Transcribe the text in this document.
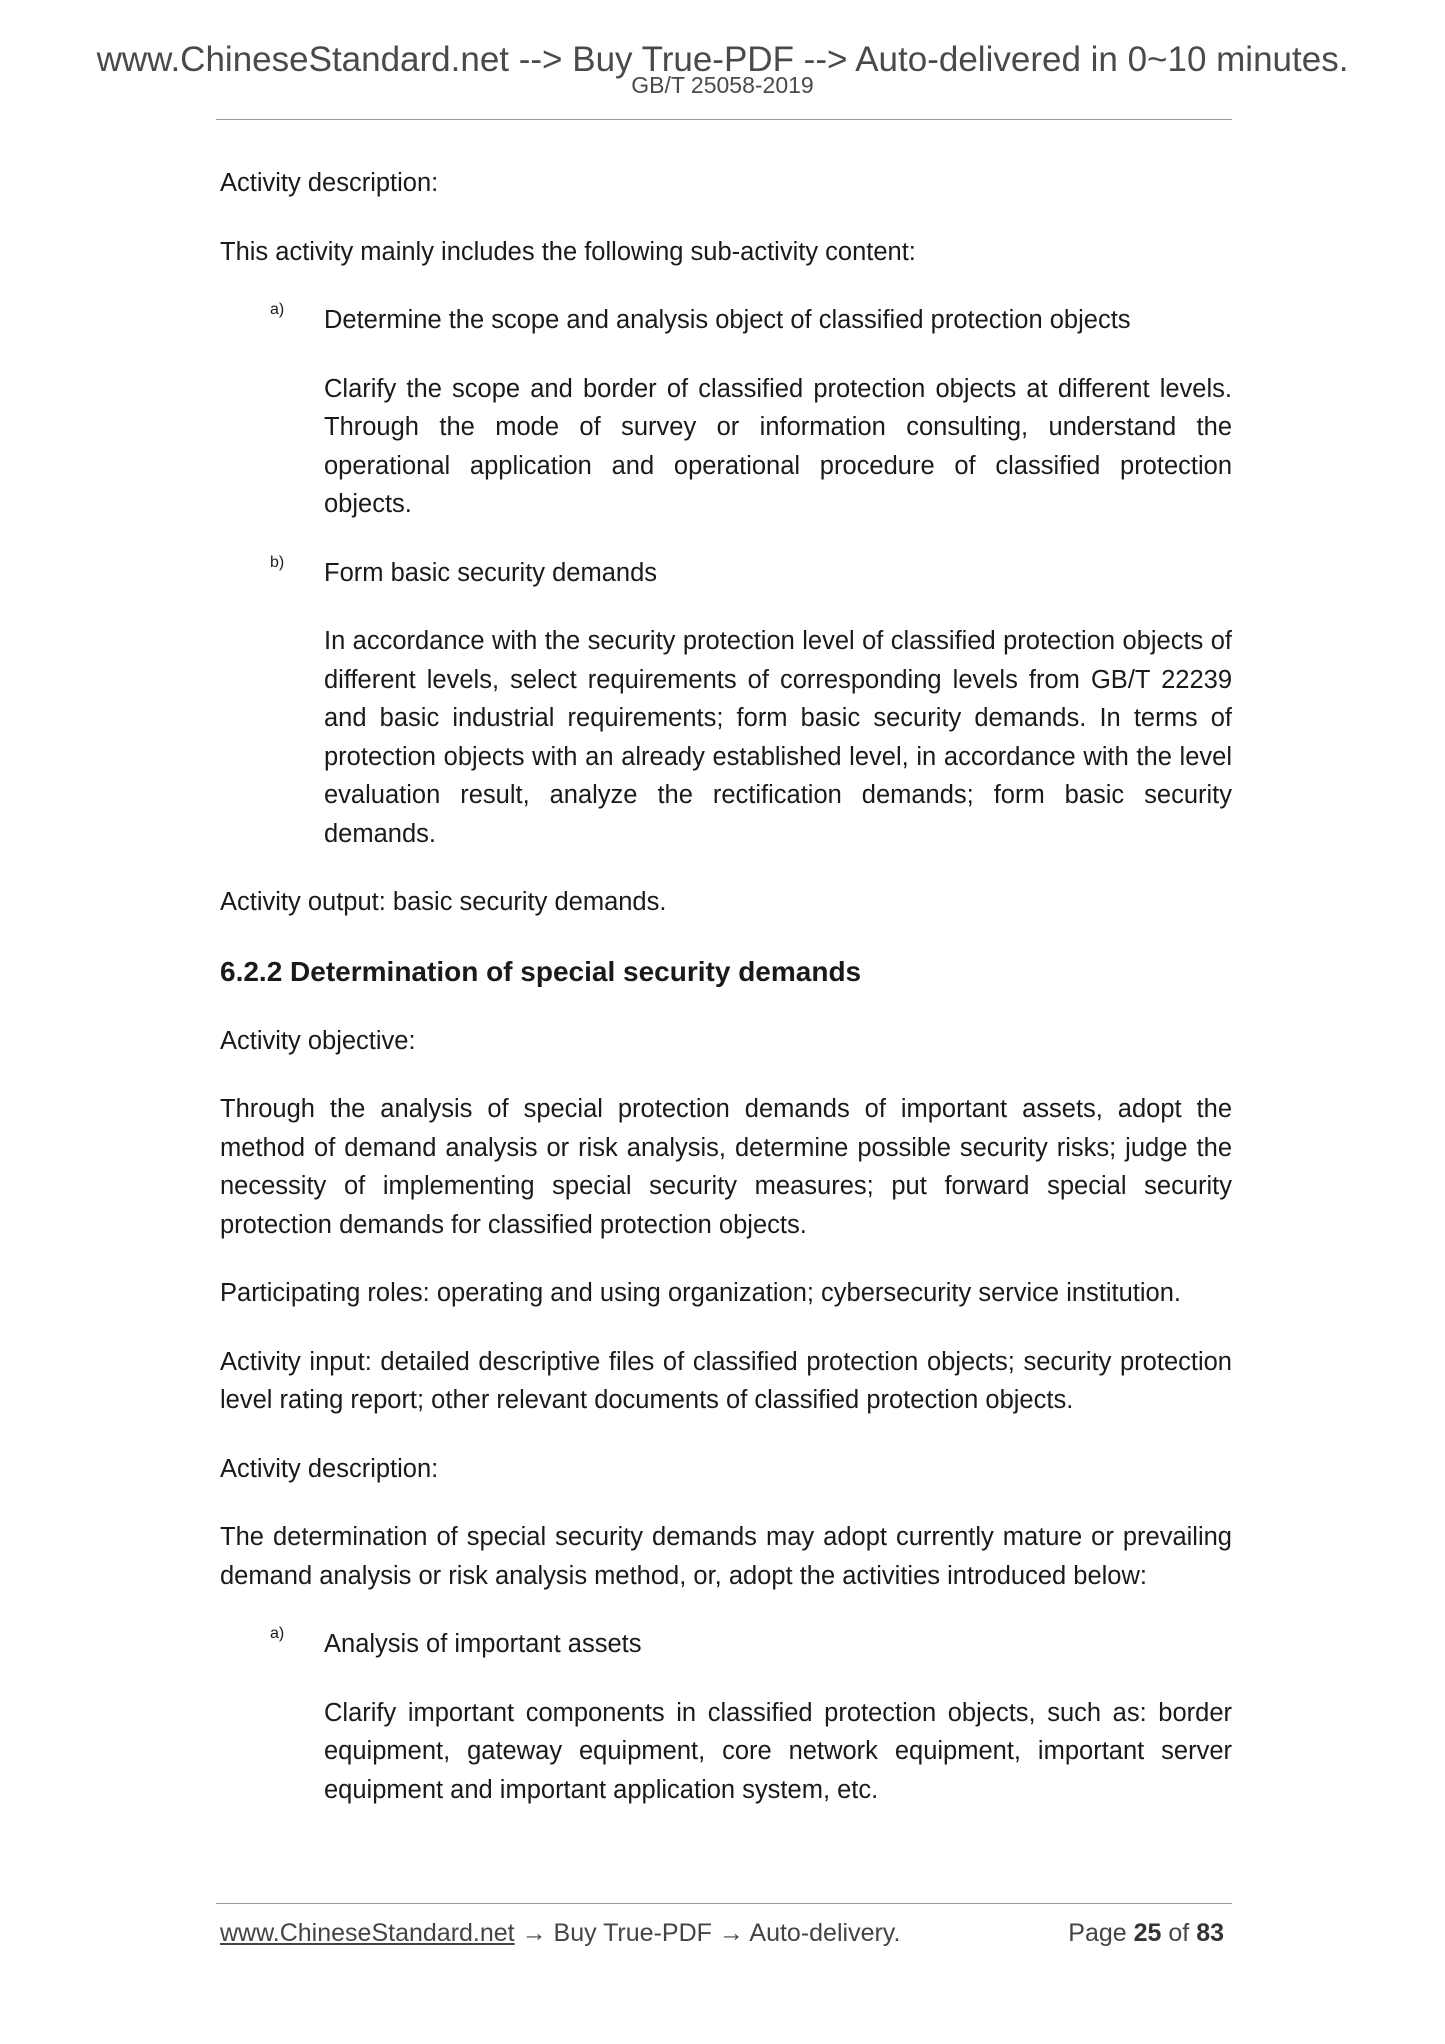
www.ChineseStandard.net --> Buy True-PDF --> Auto-delivered in 0~10 minutes.
GB/T 25058-2019

Activity description:

This activity mainly includes the following sub-activity content:

a)	Determine the scope and analysis object of classified protection objects

Clarify the scope and border of classified protection objects at different levels. Through the mode of survey or information consulting, understand the operational application and operational procedure of classified protection objects.

b)	Form basic security demands

In accordance with the security protection level of classified protection objects of different levels, select requirements of corresponding levels from GB/T 22239 and basic industrial requirements; form basic security demands. In terms of protection objects with an already established level, in accordance with the level evaluation result, analyze the rectification demands; form basic security demands.

Activity output: basic security demands.

6.2.2 Determination of special security demands

Activity objective:

Through the analysis of special protection demands of important assets, adopt the method of demand analysis or risk analysis, determine possible security risks; judge the necessity of implementing special security measures; put forward special security protection demands for classified protection objects.

Participating roles: operating and using organization; cybersecurity service institution.

Activity input: detailed descriptive files of classified protection objects; security protection level rating report; other relevant documents of classified protection objects.

Activity description:

The determination of special security demands may adopt currently mature or prevailing demand analysis or risk analysis method, or, adopt the activities introduced below:

a)	Analysis of important assets

Clarify important components in classified protection objects, such as: border equipment, gateway equipment, core network equipment, important server equipment and important application system, etc.

www.ChineseStandard.net → Buy True-PDF → Auto-delivery.	Page 25 of 83
